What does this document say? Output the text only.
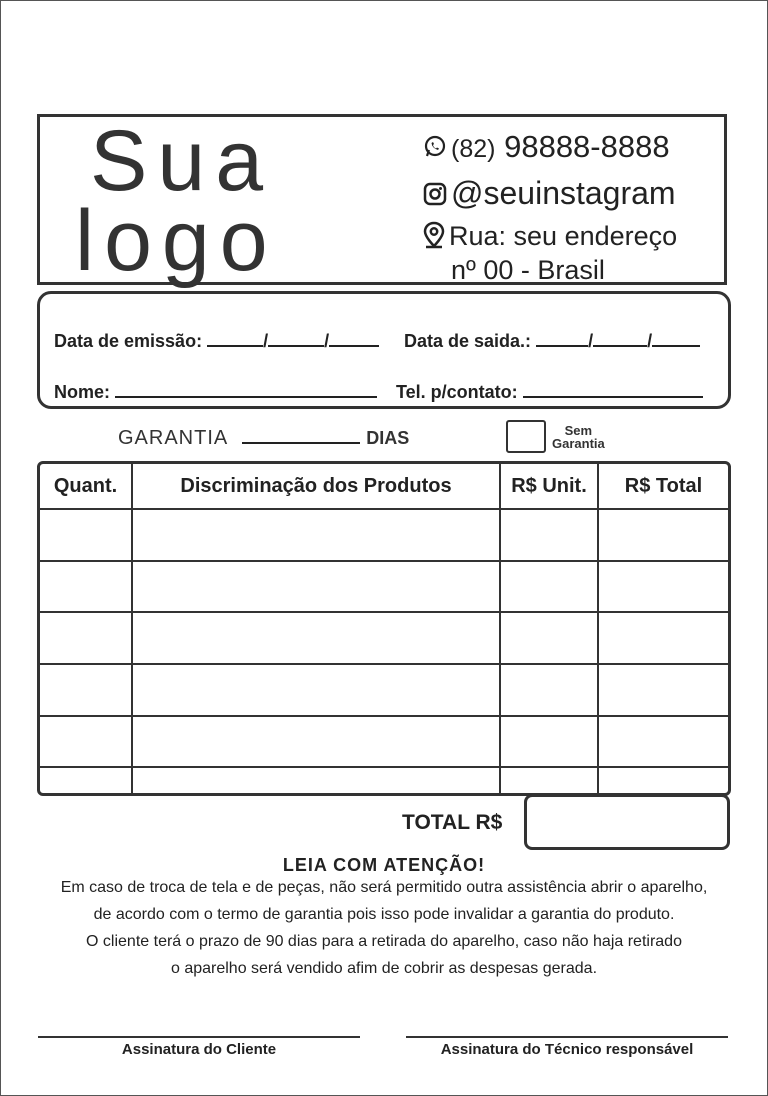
Sua
logo
(82) 98888-8888
@seuinstagram
Rua: seu endereço
nº 00 - Brasil
Data de emissão:	/	/	Data de saida.:	/	/
Nome:	Tel. p/contato:
GARANTIA	DIAS	Sem
Garantia
Quant.	Discriminação dos Produtos	R$ Unit.	R$ Total

TOTAL R$
LEIA COM ATENÇÃO!
Em caso de troca de tela e de peças, não será permitido outra assistência abrir o aparelho,
de acordo com o termo de garantia pois isso pode invalidar a garantia do produto.
O cliente terá o prazo de 90 dias para a retirada do aparelho, caso não haja retirado
o aparelho será vendido afim de cobrir as despesas gerada.
Assinatura do Cliente	Assinatura do Técnico responsável
